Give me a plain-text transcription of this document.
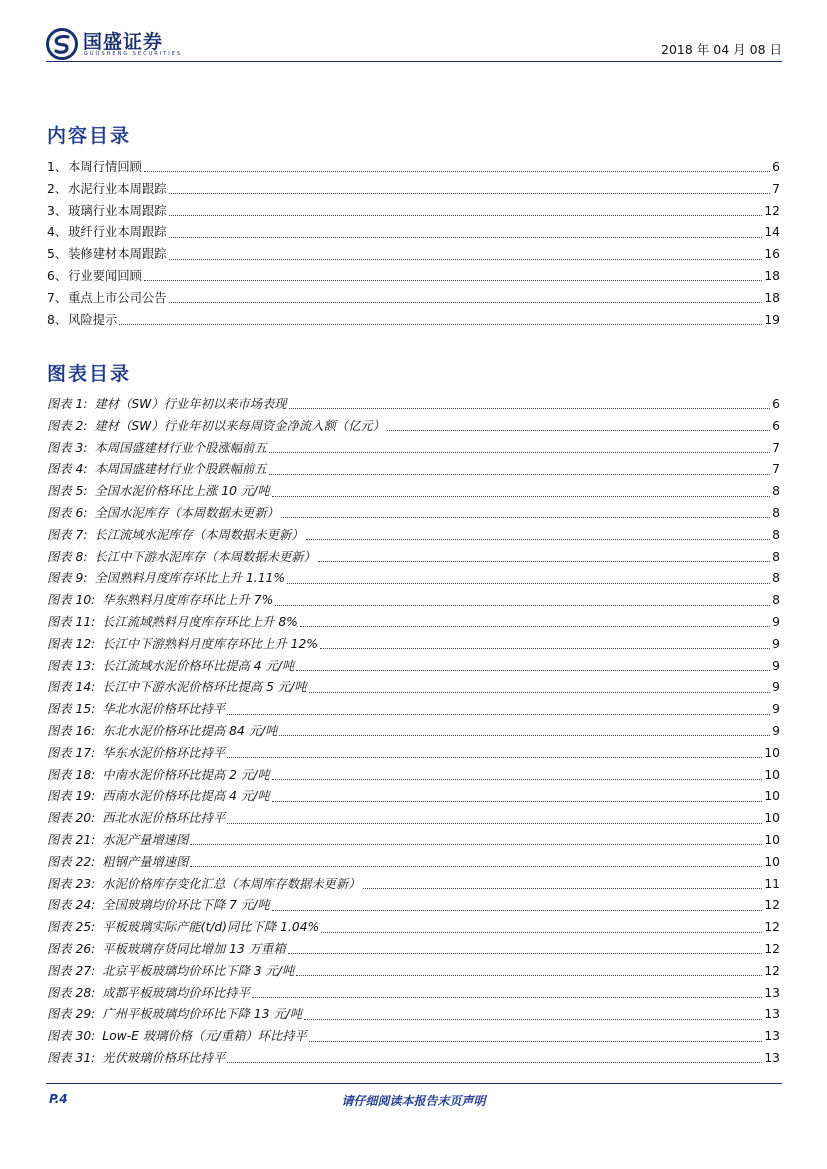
国盛证券
GUOSHENG SECURITIES	2018 年 04 月 08 日
内容目录
1、本周行情回顾	6
2、水泥行业本周跟踪	7
3、玻璃行业本周跟踪	12
4、玻纤行业本周跟踪	14
5、装修建材本周跟踪	16
6、行业要闻回顾	18
7、重点上市公司公告	18
8、风险提示	19
图表目录
图表 1: 建材（SW）行业年初以来市场表现	6
图表 2: 建材（SW）行业年初以来每周资金净流入额（亿元）	6
图表 3: 本周国盛建材行业个股涨幅前五	7
图表 4: 本周国盛建材行业个股跌幅前五	7
图表 5: 全国水泥价格环比上涨 10 元/吨	8
图表 6: 全国水泥库存（本周数据未更新）	8
图表 7: 长江流域水泥库存（本周数据未更新）	8
图表 8: 长江中下游水泥库存（本周数据未更新）	8
图表 9: 全国熟料月度库存环比上升 1.11%	8
图表 10: 华东熟料月度库存环比上升 7%	8
图表 11: 长江流域熟料月度库存环比上升 8%	9
图表 12: 长江中下游熟料月度库存环比上升 12%	9
图表 13: 长江流域水泥价格环比提高 4 元/吨	9
图表 14: 长江中下游水泥价格环比提高 5 元/吨	9
图表 15: 华北水泥价格环比持平	9
图表 16: 东北水泥价格环比提高 84 元/吨	9
图表 17: 华东水泥价格环比持平	10
图表 18: 中南水泥价格环比提高 2 元/吨	10
图表 19: 西南水泥价格环比提高 4 元/吨	10
图表 20: 西北水泥价格环比持平	10
图表 21: 水泥产量增速图	10
图表 22: 粗钢产量增速图	10
图表 23: 水泥价格库存变化汇总（本周库存数据未更新）	11
图表 24: 全国玻璃均价环比下降 7 元/吨	12
图表 25: 平板玻璃实际产能(t/d)同比下降 1.04%	12
图表 26: 平板玻璃存货同比增加 13 万重箱	12
图表 27: 北京平板玻璃均价环比下降 3 元/吨	12
图表 28: 成都平板玻璃均价环比持平	13
图表 29: 广州平板玻璃均价环比下降 13 元/吨	13
图表 30: Low-E 玻璃价格（元/重箱）环比持平	13
图表 31: 光伏玻璃价格环比持平	13
P.4	请仔细阅读本报告末页声明
